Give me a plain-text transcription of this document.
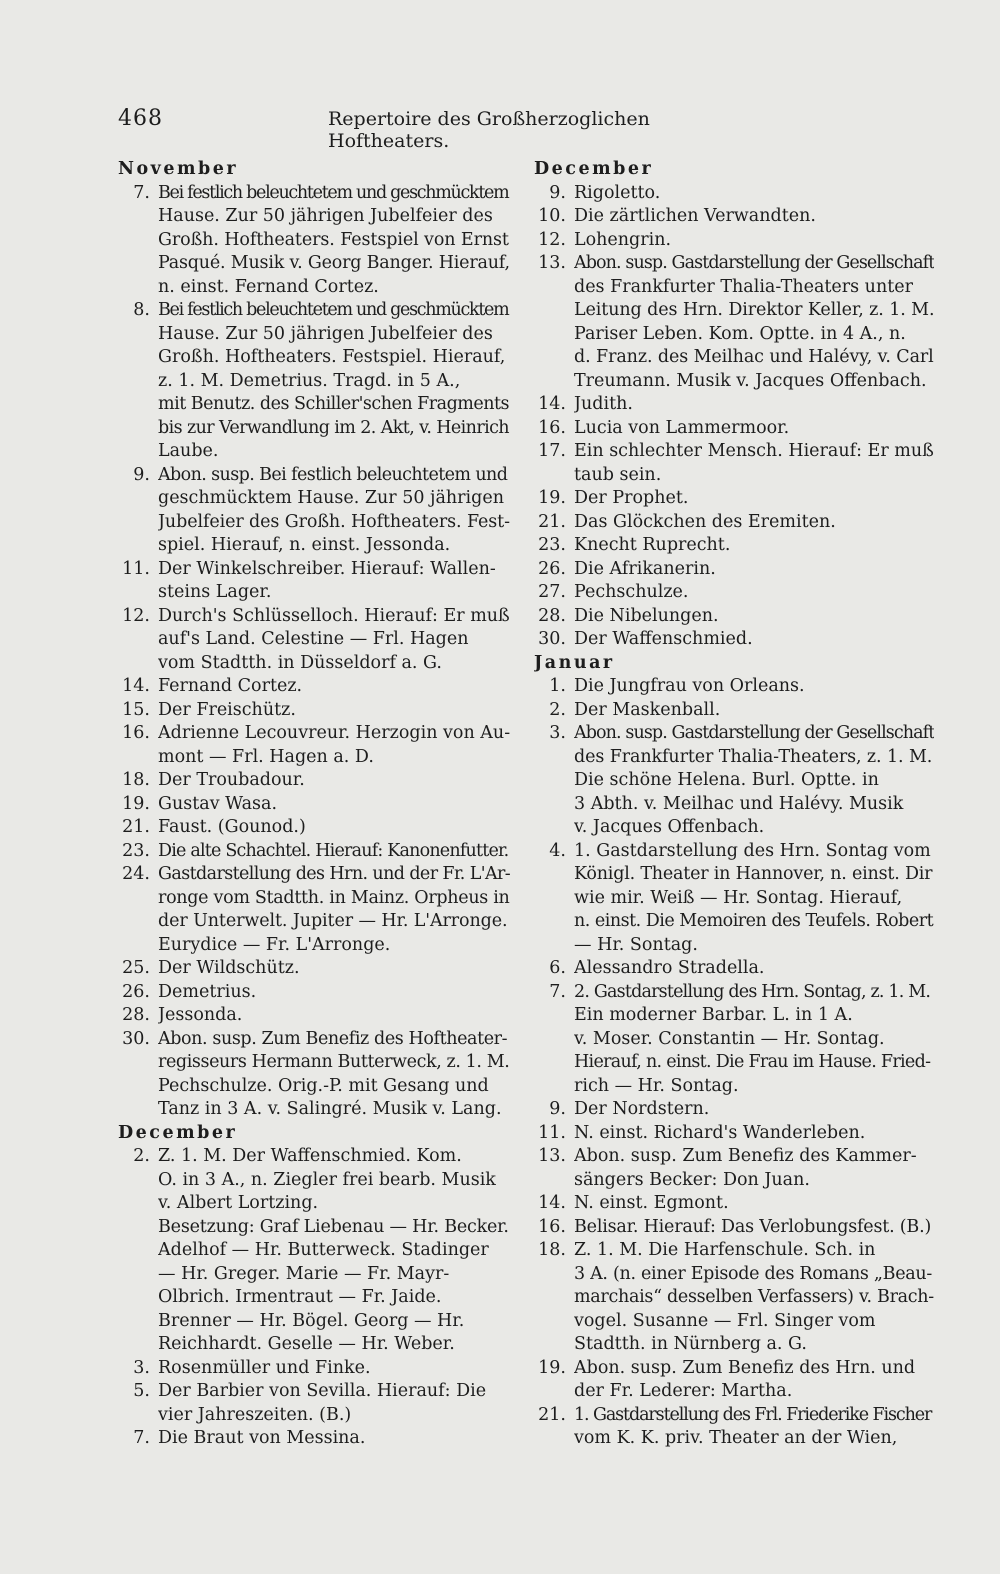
468	Repertoire des Großherzoglichen Hoftheaters.
November
7. Bei festlich beleuchtetem und geschmücktem
Hause. Zur 50 jährigen Jubelfeier des
Großh. Hoftheaters. Festspiel von Ernst
Pasqué. Musik v. Georg Banger. Hierauf,
n. einst. Fernand Cortez.
8. Bei festlich beleuchtetem und geschmücktem
Hause. Zur 50 jährigen Jubelfeier des
Großh. Hoftheaters. Festspiel. Hierauf,
z. 1. M. Demetrius. Tragd. in 5 A.,
mit Benutz. des Schiller'schen Fragments
bis zur Verwandlung im 2. Akt, v. Heinrich
Laube.
9. Abon. susp. Bei festlich beleuchtetem und
geschmücktem Hause. Zur 50 jährigen
Jubelfeier des Großh. Hoftheaters. Fest-
spiel. Hierauf, n. einst. Jessonda.
11. Der Winkelschreiber. Hierauf: Wallen-
steins Lager.
12. Durch's Schlüsselloch. Hierauf: Er muß
auf's Land. Celestine — Frl. Hagen
vom Stadtth. in Düsseldorf a. G.
14. Fernand Cortez.
15. Der Freischütz.
16. Adrienne Lecouvreur. Herzogin von Au-
mont — Frl. Hagen a. D.
18. Der Troubadour.
19. Gustav Wasa.
21. Faust. (Gounod.)
23. Die alte Schachtel. Hierauf: Kanonenfutter.
24. Gastdarstellung des Hrn. und der Fr. L'Ar-
ronge vom Stadtth. in Mainz. Orpheus in
der Unterwelt. Jupiter — Hr. L'Arronge.
Eurydice — Fr. L'Arronge.
25. Der Wildschütz.
26. Demetrius.
28. Jessonda.
30. Abon. susp. Zum Benefiz des Hoftheater-
regisseurs Hermann Butterweck, z. 1. M.
Pechschulze. Orig.-P. mit Gesang und
Tanz in 3 A. v. Salingré. Musik v. Lang.
December
2. Z. 1. M. Der Waffenschmied. Kom.
O. in 3 A., n. Ziegler frei bearb. Musik
v. Albert Lortzing.
Besetzung: Graf Liebenau — Hr. Becker.
Adelhof — Hr. Butterweck. Stadinger
— Hr. Greger. Marie — Fr. Mayr-
Olbrich. Irmentraut — Fr. Jaide.
Brenner — Hr. Bögel. Georg — Hr.
Reichhardt. Geselle — Hr. Weber.
3. Rosenmüller und Finke.
5. Der Barbier von Sevilla. Hierauf: Die
vier Jahreszeiten. (B.)
7. Die Braut von Messina.
December
9. Rigoletto.
10. Die zärtlichen Verwandten.
12. Lohengrin.
13. Abon. susp. Gastdarstellung der Gesellschaft
des Frankfurter Thalia-Theaters unter
Leitung des Hrn. Direktor Keller, z. 1. M.
Pariser Leben. Kom. Optte. in 4 A., n.
d. Franz. des Meilhac und Halévy, v. Carl
Treumann. Musik v. Jacques Offenbach.
14. Judith.
16. Lucia von Lammermoor.
17. Ein schlechter Mensch. Hierauf: Er muß
taub sein.
19. Der Prophet.
21. Das Glöckchen des Eremiten.
23. Knecht Ruprecht.
26. Die Afrikanerin.
27. Pechschulze.
28. Die Nibelungen.
30. Der Waffenschmied.
Januar
1. Die Jungfrau von Orleans.
2. Der Maskenball.
3. Abon. susp. Gastdarstellung der Gesellschaft
des Frankfurter Thalia-Theaters, z. 1. M.
Die schöne Helena. Burl. Optte. in
3 Abth. v. Meilhac und Halévy. Musik
v. Jacques Offenbach.
4. 1. Gastdarstellung des Hrn. Sontag vom
Königl. Theater in Hannover, n. einst. Dir
wie mir. Weiß — Hr. Sontag. Hierauf,
n. einst. Die Memoiren des Teufels. Robert
— Hr. Sontag.
6. Alessandro Stradella.
7. 2. Gastdarstellung des Hrn. Sontag, z. 1. M.
Ein moderner Barbar. L. in 1 A.
v. Moser. Constantin — Hr. Sontag.
Hierauf, n. einst. Die Frau im Hause. Fried-
rich — Hr. Sontag.
9. Der Nordstern.
11. N. einst. Richard's Wanderleben.
13. Abon. susp. Zum Benefiz des Kammer-
sängers Becker: Don Juan.
14. N. einst. Egmont.
16. Belisar. Hierauf: Das Verlobungsfest. (B.)
18. Z. 1. M. Die Harfenschule. Sch. in
3 A. (n. einer Episode des Romans „Beau-
marchais“ desselben Verfassers) v. Brach-
vogel. Susanne — Frl. Singer vom
Stadtth. in Nürnberg a. G.
19. Abon. susp. Zum Benefiz des Hrn. und
der Fr. Lederer: Martha.
21. 1. Gastdarstellung des Frl. Friederike Fischer
vom K. K. priv. Theater an der Wien,
